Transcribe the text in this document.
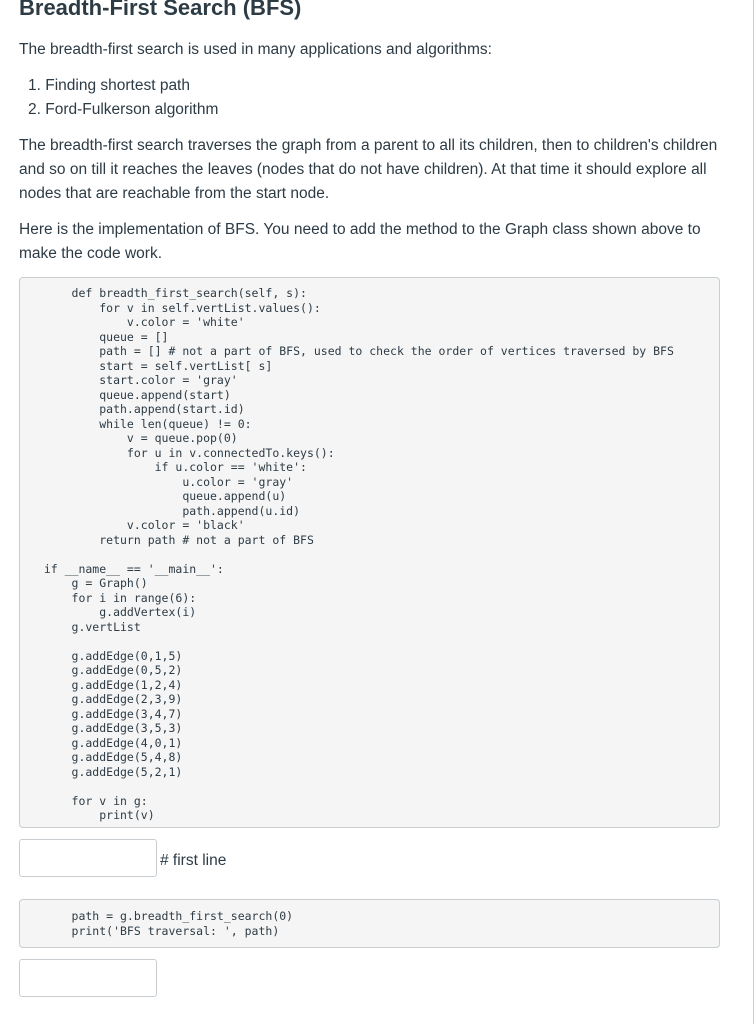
Breadth-First Search (BFS)
The breadth-first search is used in many applications and algorithms:
1. Finding shortest path
2. Ford-Fulkerson algorithm
The breadth-first search traverses the graph from a parent to all its children, then to children's children and so on till it reaches the leaves (nodes that do not have children). At that time it should explore all nodes that are reachable from the start node.
Here is the implementation of BFS. You need to add the method to the Graph class shown above to make the code work.
def breadth_first_search(self, s):
for v in self.vertList.values():
v.color = 'white'
queue = []
path = [] # not a part of BFS, used to check the order of vertices traversed by BFS
start = self.vertList[ s]
start.color = 'gray'
queue.append(start)
path.append(start.id)
while len(queue) != 0:
v = queue.pop(0)
for u in v.connectedTo.keys():
if u.color == 'white':
u.color = 'gray'
queue.append(u)
path.append(u.id)
v.color = 'black'
return path # not a part of BFS

if __name__ == '__main__':
g = Graph()
for i in range(6):
g.addVertex(i)
g.vertList

g.addEdge(0,1,5)
g.addEdge(0,5,2)
g.addEdge(1,2,4)
g.addEdge(2,3,9)
g.addEdge(3,4,7)
g.addEdge(3,5,3)
g.addEdge(4,0,1)
g.addEdge(5,4,8)
g.addEdge(5,2,1)

for v in g:
print(v)
# first line
path = g.breadth_first_search(0)
print('BFS traversal: ', path)
